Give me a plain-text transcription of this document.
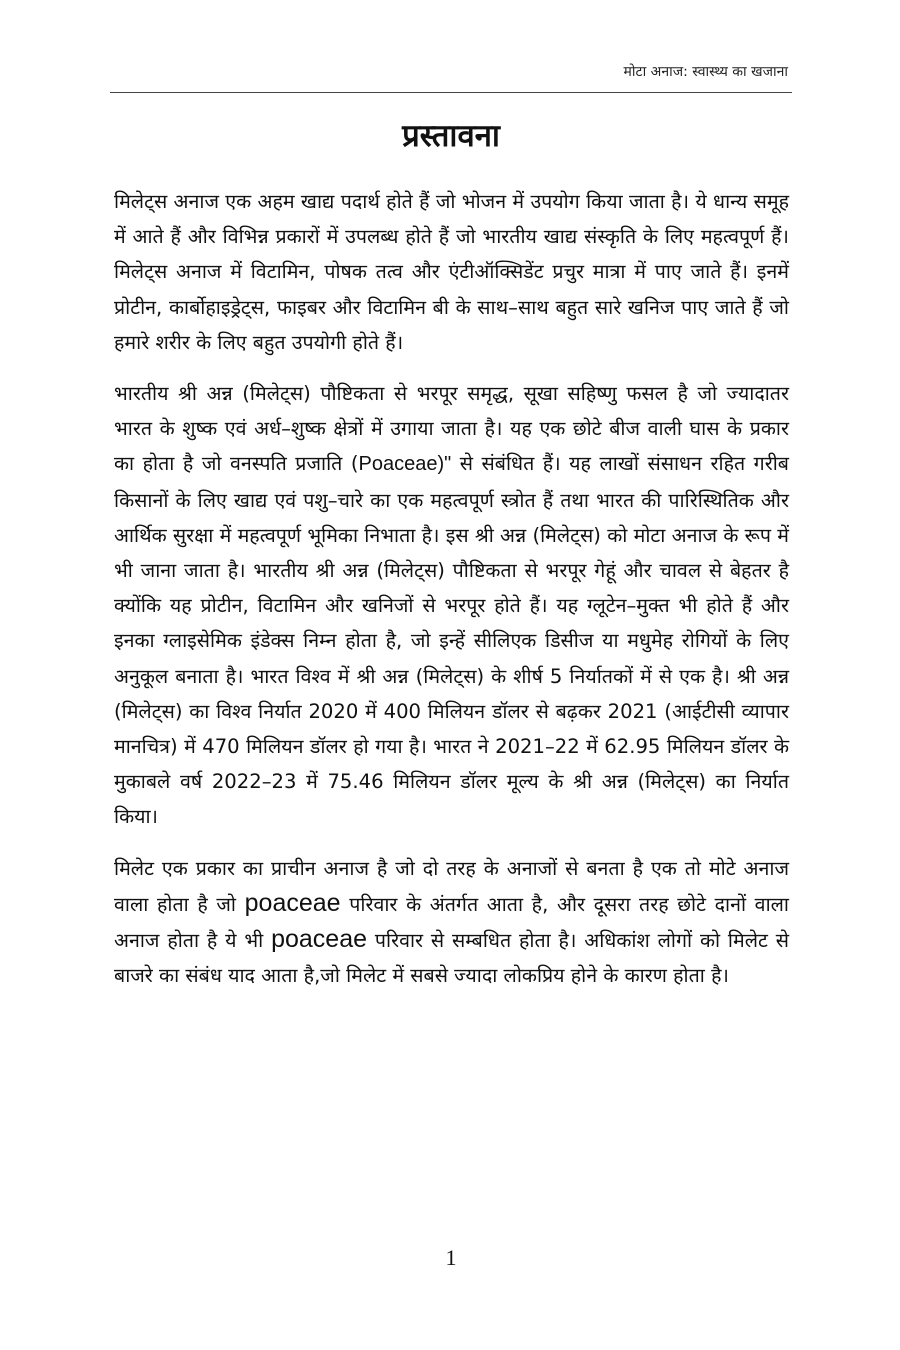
मोटा अनाज: स्वास्थ्य का खजाना
प्रस्तावना

मिलेट्स अनाज एक अहम खाद्य पदार्थ होते हैं जो भोजन में उपयोग किया जाता है। ये धान्य समूह में आते हैं और विभिन्न प्रकारों में उपलब्ध होते हैं जो भारतीय खाद्य संस्कृति के लिए महत्वपूर्ण हैं। मिलेट्स अनाज में विटामिन, पोषक तत्व और एंटीऑक्सिडेंट प्रचुर मात्रा में पाए जाते हैं। इनमें प्रोटीन, कार्बोहाइड्रेट्स, फाइबर और विटामिन बी के साथ–साथ बहुत सारे खनिज पाए जाते हैं जो हमारे शरीर के लिए बहुत उपयोगी होते हैं।

भारतीय श्री अन्न (मिलेट्स) पौष्टिकता से भरपूर समृद्ध, सूखा सहिष्णु फसल है जो ज्यादातर भारत के शुष्क एवं अर्ध–शुष्क क्षेत्रों में उगाया जाता है। यह एक छोटे बीज वाली घास के प्रकार का होता है जो वनस्पति प्रजाति (Poaceae)" से संबंधित हैं। यह लाखों संसाधन रहित गरीब किसानों के लिए खाद्य एवं पशु–चारे का एक महत्वपूर्ण स्त्रोत हैं तथा भारत की पारिस्थितिक और आर्थिक सुरक्षा में महत्वपूर्ण भूमिका निभाता है। इस श्री अन्न (मिलेट्स) को मोटा अनाज के रूप में भी जाना जाता है। भारतीय श्री अन्न (मिलेट्स) पौष्टिकता से भरपूर गेहूं और चावल से बेहतर है क्योंकि यह प्रोटीन, विटामिन और खनिजों से भरपूर होते हैं। यह ग्लूटेन–मुक्त भी होते हैं और इनका ग्लाइसेमिक इंडेक्स निम्न होता है, जो इन्हें सीलिएक डिसीज या मधुमेह रोगियों के लिए अनुकूल बनाता है। भारत विश्व में श्री अन्न (मिलेट्स) के शीर्ष 5 निर्यातकों में से एक है। श्री अन्न (मिलेट्स) का विश्व निर्यात 2020 में 400 मिलियन डॉलर से बढ़कर 2021 (आईटीसी व्यापार मानचित्र) में 470 मिलियन डॉलर हो गया है। भारत ने 2021–22 में 62.95 मिलियन डॉलर के मुकाबले वर्ष 2022–23 में 75.46 मिलियन डॉलर मूल्य के श्री अन्न (मिलेट्स) का निर्यात किया।

मिलेट एक प्रकार का प्राचीन अनाज है जो दो तरह के अनाजों से बनता है एक तो मोटे अनाज वाला होता है जो poaceae परिवार के अंतर्गत आता है, और दूसरा तरह छोटे दानों वाला अनाज होता है ये भी poaceae परिवार से सम्बधित होता है। अधिकांश लोगों को मिलेट से बाजरे का संबंध याद आता है,जो मिलेट में सबसे ज्यादा लोकप्रिय होने के कारण होता है।

1
